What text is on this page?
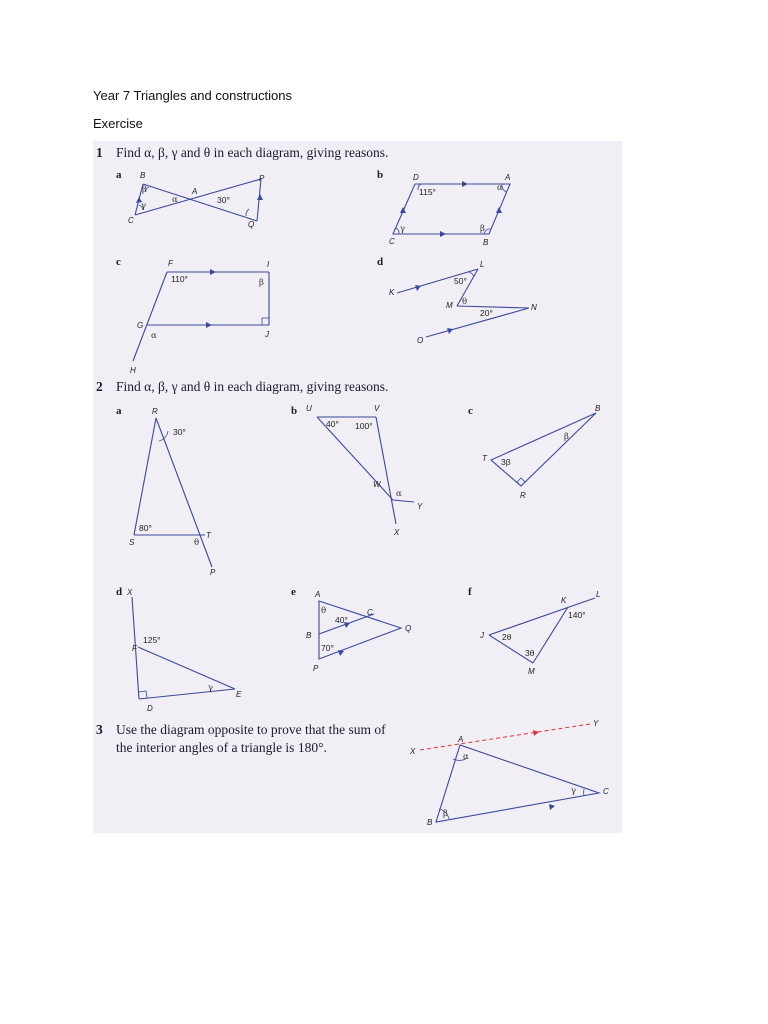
Year 7 Triangles and constructions
Exercise
1 Find α, β, γ and θ in each diagram, giving reasons.
a B	P
A
C	Q
30°
β
α
γ
b	D	A
C	B
115°	α
γ	β
c	F	I
G
J
H
110°	β
α
d
K
L
M	N
O
50°
20°
θ
2 Find α, β, γ and θ in each diagram, giving reasons.
a	R
S
T
P
30°
80°
θ
b U	V
W
X
Y
40° 100°
α
c	B
T
R
β
3β
d X
F
D
E
125°
γ
e A
C
B
Q
P
40°
70°
θ
f
K
L
J
M
140°
2θ
3θ
3 Use the diagram opposite to prove that the sum of
the interior angles of a triangle is 180°.
A
X
Y
B
C
α
β
γ
